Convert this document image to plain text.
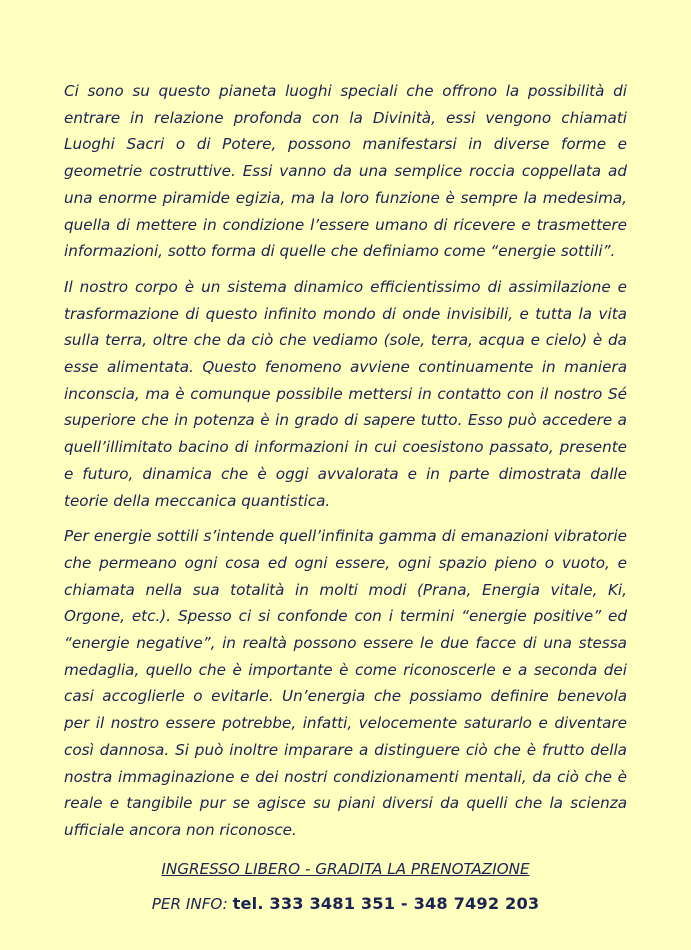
Ci sono su questo pianeta luoghi speciali che offrono la possibilità di entrare in relazione profonda con la Divinità, essi vengono chiamati Luoghi Sacri o di Potere, possono manifestarsi in diverse forme e geometrie costruttive. Essi vanno da una semplice roccia coppellata ad una enorme piramide egizia, ma la loro funzione è sempre la medesima, quella di mettere in condizione l’essere umano di ricevere e trasmettere informazioni, sotto forma di quelle che definiamo come “energie sottili”.

Il nostro corpo è un sistema dinamico efficientissimo di assimilazione e trasformazione di questo infinito mondo di onde invisibili, e tutta la vita sulla terra, oltre che da ciò che vediamo (sole, terra, acqua e cielo) è da esse alimentata. Questo fenomeno avviene continuamente in maniera inconscia, ma è comunque possibile mettersi in contatto con il nostro Sé superiore che in potenza è in grado di sapere tutto. Esso può accedere a quell’illimitato bacino di informazioni in cui coesistono passato, presente e futuro, dinamica che è oggi avvalorata e in parte dimostrata dalle teorie della meccanica quantistica.

Per energie sottili s’intende quell’infinita gamma di emanazioni vibratorie che permeano ogni cosa ed ogni essere, ogni spazio pieno o vuoto, e chiamata nella sua totalità in molti modi (Prana, Energia vitale, Ki, Orgone, etc.). Spesso ci si confonde con i termini “energie positive” ed “energie negative”, in realtà possono essere le due facce di una stessa medaglia, quello che è importante è come riconoscerle e a seconda dei casi accoglierle o evitarle. Un’energia che possiamo definire benevola per il nostro essere potrebbe, infatti, velocemente saturarlo e diventare così dannosa. Si può inoltre imparare a distinguere ciò che è frutto della nostra immaginazione e dei nostri condizionamenti mentali, da ciò che è reale e tangibile pur se agisce su piani diversi da quelli che la scienza ufficiale ancora non riconosce.

INGRESSO LIBERO - GRADITA LA PRENOTAZIONE

PER INFO: tel. 333 3481 351 - 348 7492 203
